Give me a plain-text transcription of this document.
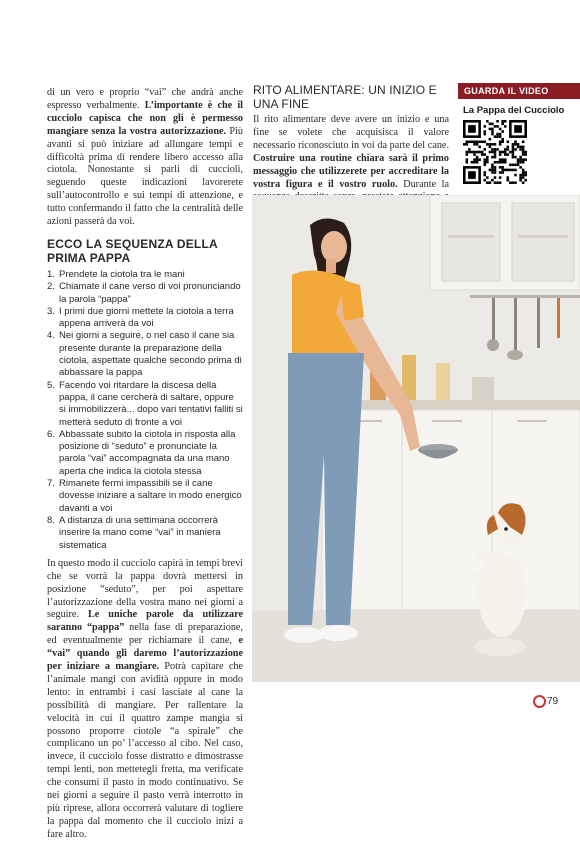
di un vero e proprio “vai” che andrà anche espresso verbalmente. L’importante è che il cucciolo capisca che non gli è permesso mangiare senza la vostra autorizzazione. Più avanti si può iniziare ad allungare tempi e difficoltà prima di rendere libero accesso alla ciotola. Nonostante si parli di cuccioli, seguendo queste indicazioni lavorerete sull’autocontrollo e sui tempi di attenzione, e tutto confermando il fatto che la centralità delle azioni passerà da voi.

ECCO LA SEQUENZA DELLA PRIMA PAPPA
1. Prendete la ciotola tra le mani
2. Chiamate il cane verso di voi pronunciando la parola “pappa”
3. I primi due giorni mettete la ciotola a terra appena arriverà da voi
4. Nei giorni a seguire, o nel caso il cane sia presente durante la preparazione della ciotola, aspettate qualche secondo prima di abbassare la pappa
5. Facendo voi ritardare la discesa della pappa, il cane cercherà di saltare, oppure si immobilizzerà... dopo vari tentativi falliti si metterà seduto di fronte a voi
6. Abbassate subito la ciotola in risposta alla posizione di “seduto” e pronunciate la parola “vai” accompagnata da una mano aperta che indica la ciotola stessa
7. Rimanete fermi impassibili se il cane dovesse iniziare a saltare in modo energico davanti a voi
8. A distanza di una settimana occorrerà inserire la mano come “vai” in maniera sistematica

In questo modo il cucciolo capirà in tempi brevi che se vorrà la pappa dovrà mettersi in posizione “seduto”, per poi aspettare l’autorizzazione della vostra mano nei giorni a seguire. Le uniche parole da utilizzare saranno “pappa” nella fase di preparazione, ed eventualmente per richiamare il cane, e “vai” quando gli daremo l’autorizzazione per iniziare a mangiare. Potrà capitare che l’animale mangi con avidità oppure in modo lento: in entrambi i casi lasciate al cane la possibilità di mangiare. Per rallentare la velocità in cui il quattro zampe mangia si possono proporre ciotole “a spirale” che complicano un po’ l’accesso al cibo. Nel caso, invece, il cucciolo fosse distratto e dimostrasse tempi lenti, non mettetegli fretta, ma verificate che consumi il pasto in modo continuativo. Se nei giorni a seguire il pasto verrà interrotto in più riprese, allora occorrerà valutare di togliere la pappa dal momento che il cucciolo inizi a fare altro.

RITO ALIMENTARE: UN INIZIO E UNA FINE

Il rito alimentare deve avere un inizio e una fine se volete che acquisisca il valore necessario riconosciuto in voi da parte del cane. Costruire una routine chiara sarà il primo messaggio che utilizzerete per accreditare la vostra figura e il vostro ruolo. Durante la

GUARDA IL VIDEO
La Pappa del Cucciolo
79
